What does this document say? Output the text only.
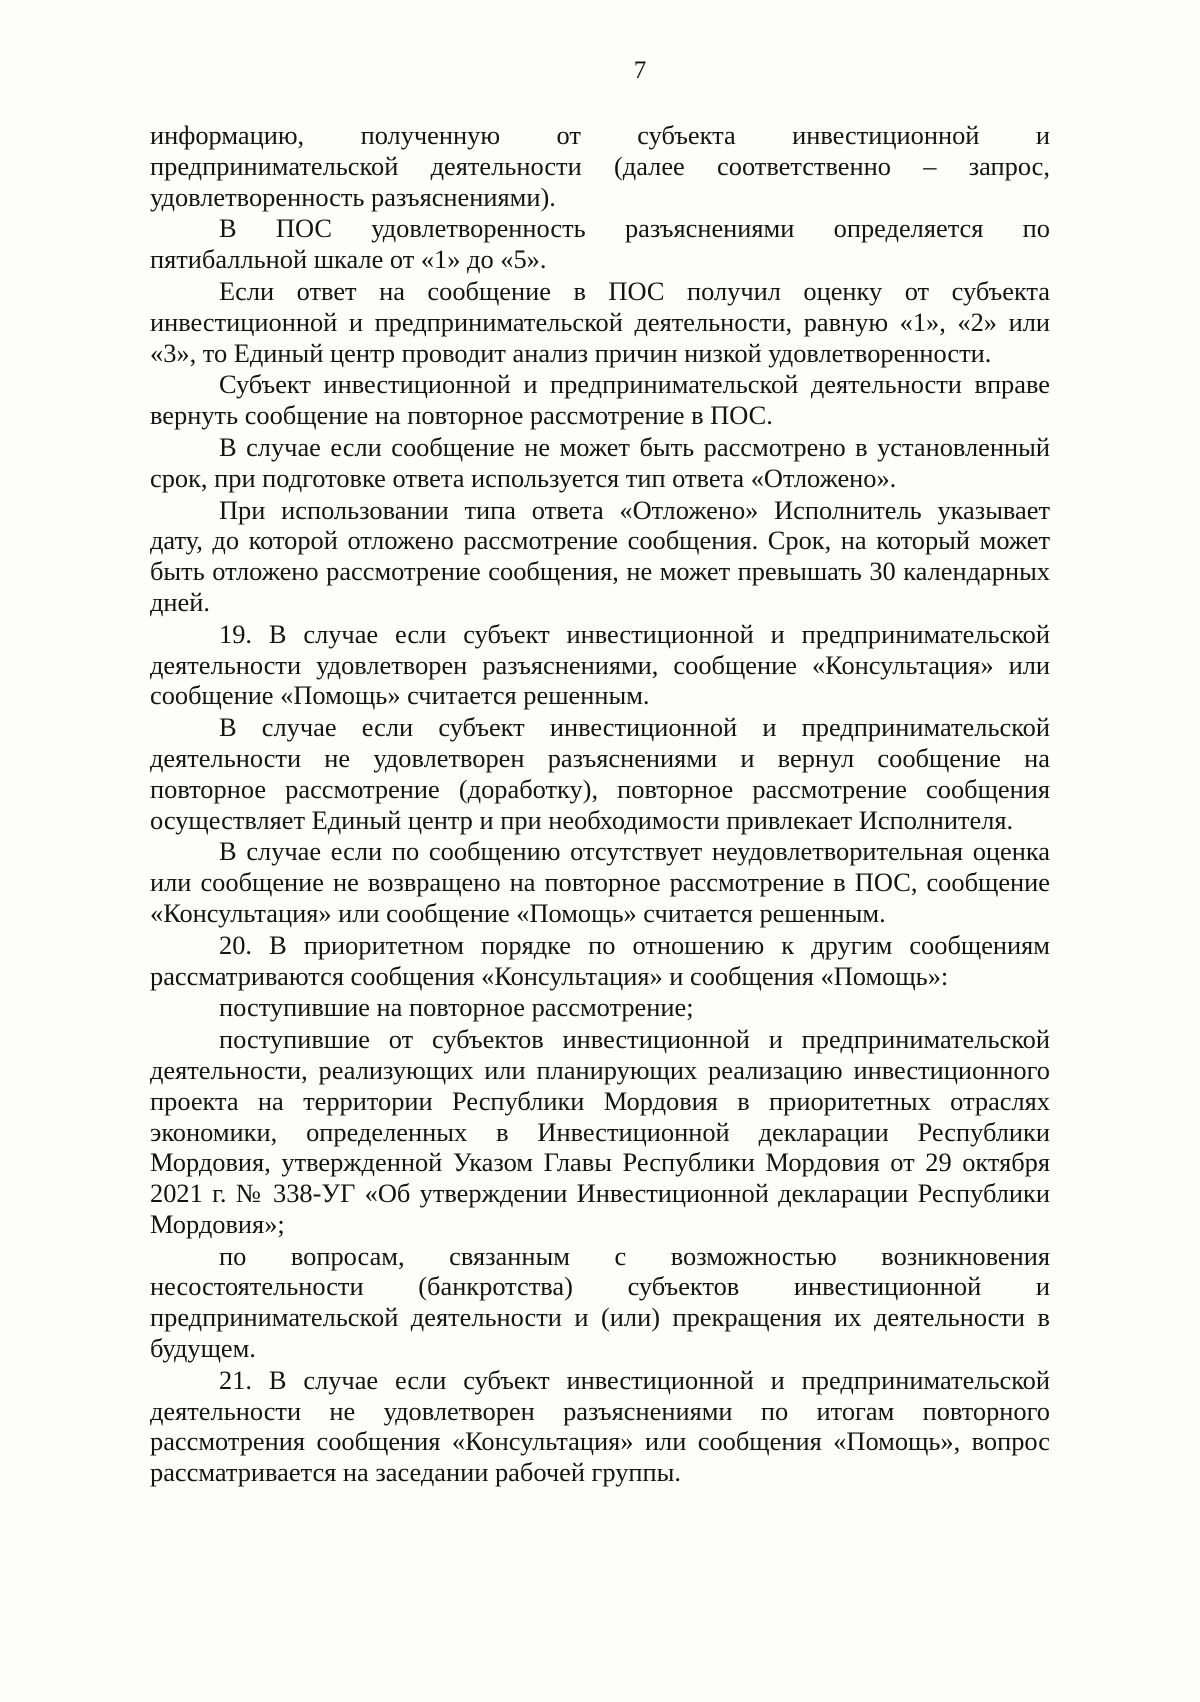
7

информацию, полученную от субъекта инвестиционной и предпринимательской деятельности (далее соответственно – запрос, удовлетворенность разъяснениями).

В ПОС удовлетворенность разъяснениями определяется по пятибалльной шкале от «1» до «5».

Если ответ на сообщение в ПОС получил оценку от субъекта инвестиционной и предпринимательской деятельности, равную «1», «2» или «3», то Единый центр проводит анализ причин низкой удовлетворенности.

Субъект инвестиционной и предпринимательской деятельности вправе вернуть сообщение на повторное рассмотрение в ПОС.

В случае если сообщение не может быть рассмотрено в установленный срок, при подготовке ответа используется тип ответа «Отложено».

При использовании типа ответа «Отложено» Исполнитель указывает дату, до которой отложено рассмотрение сообщения. Срок, на который может быть отложено рассмотрение сообщения, не может превышать 30 календарных дней.

19. В случае если субъект инвестиционной и предпринимательской деятельности удовлетворен разъяснениями, сообщение «Консультация» или сообщение «Помощь» считается решенным.

В случае если субъект инвестиционной и предпринимательской деятельности не удовлетворен разъяснениями и вернул сообщение на повторное рассмотрение (доработку), повторное рассмотрение сообщения осуществляет Единый центр и при необходимости привлекает Исполнителя.

В случае если по сообщению отсутствует неудовлетворительная оценка или сообщение не возвращено на повторное рассмотрение в ПОС, сообщение «Консультация» или сообщение «Помощь» считается решенным.

20. В приоритетном порядке по отношению к другим сообщениям рассматриваются сообщения «Консультация» и сообщения «Помощь»:

поступившие на повторное рассмотрение;

поступившие от субъектов инвестиционной и предпринимательской деятельности, реализующих или планирующих реализацию инвестиционного проекта на территории Республики Мордовия в приоритетных отраслях экономики, определенных в Инвестиционной декларации Республики Мордовия, утвержденной Указом Главы Республики Мордовия от 29 октября 2021 г. № 338-УГ «Об утверждении Инвестиционной декларации Республики Мордовия»;

по вопросам, связанным с возможностью возникновения несостоятельности (банкротства) субъектов инвестиционной и предпринимательской деятельности и (или) прекращения их деятельности в будущем.

21. В случае если субъект инвестиционной и предпринимательской деятельности не удовлетворен разъяснениями по итогам повторного рассмотрения сообщения «Консультация» или сообщения «Помощь», вопрос рассматривается на заседании рабочей группы.
